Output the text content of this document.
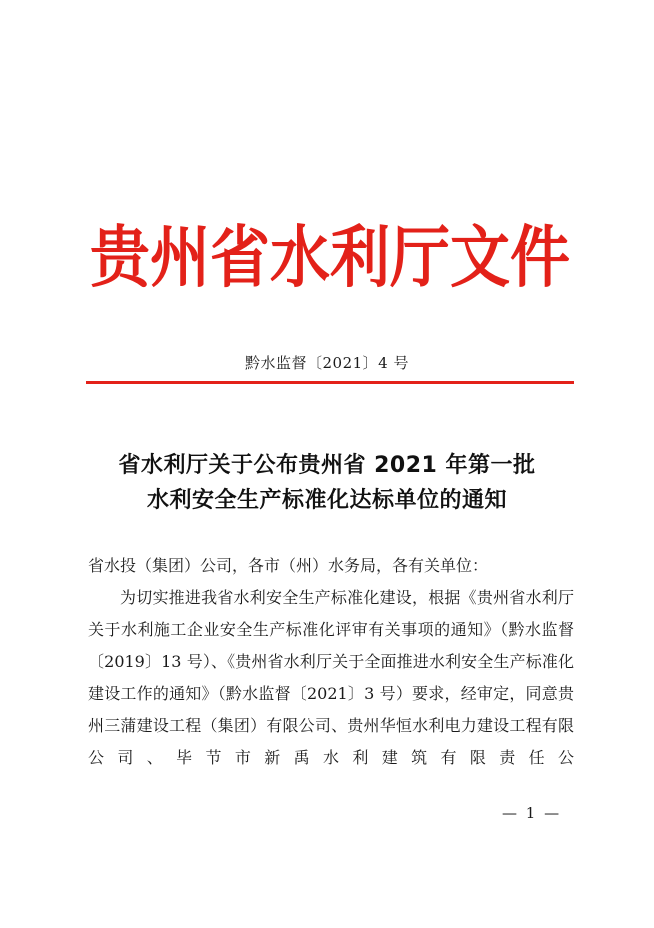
贵 州 省 水 利 厅 文 件
黔水监督〔2021〕4 号
省水利厅关于公布贵州省 2021 年第一批
水利安全生产标准化达标单位的通知
省水投（集团）公司，各市（州）水务局，各有关单位：
为切实推进我省水利安全生产标准化建设，根据《贵州省水利厅关于水利施工企业安全生产标准化评审有关事项的通知》（黔水监督〔2019〕13 号）、《贵州省水利厅关于全面推进水利安全生产标准化建设工作的通知》（黔水监督〔2021〕3 号）要求，经审定，同意贵州三蒲建设工程（集团）有限公司、贵州华恒水利电力建设工程有限公司、毕节市新禹水利建筑有限责任公
— 1 —
